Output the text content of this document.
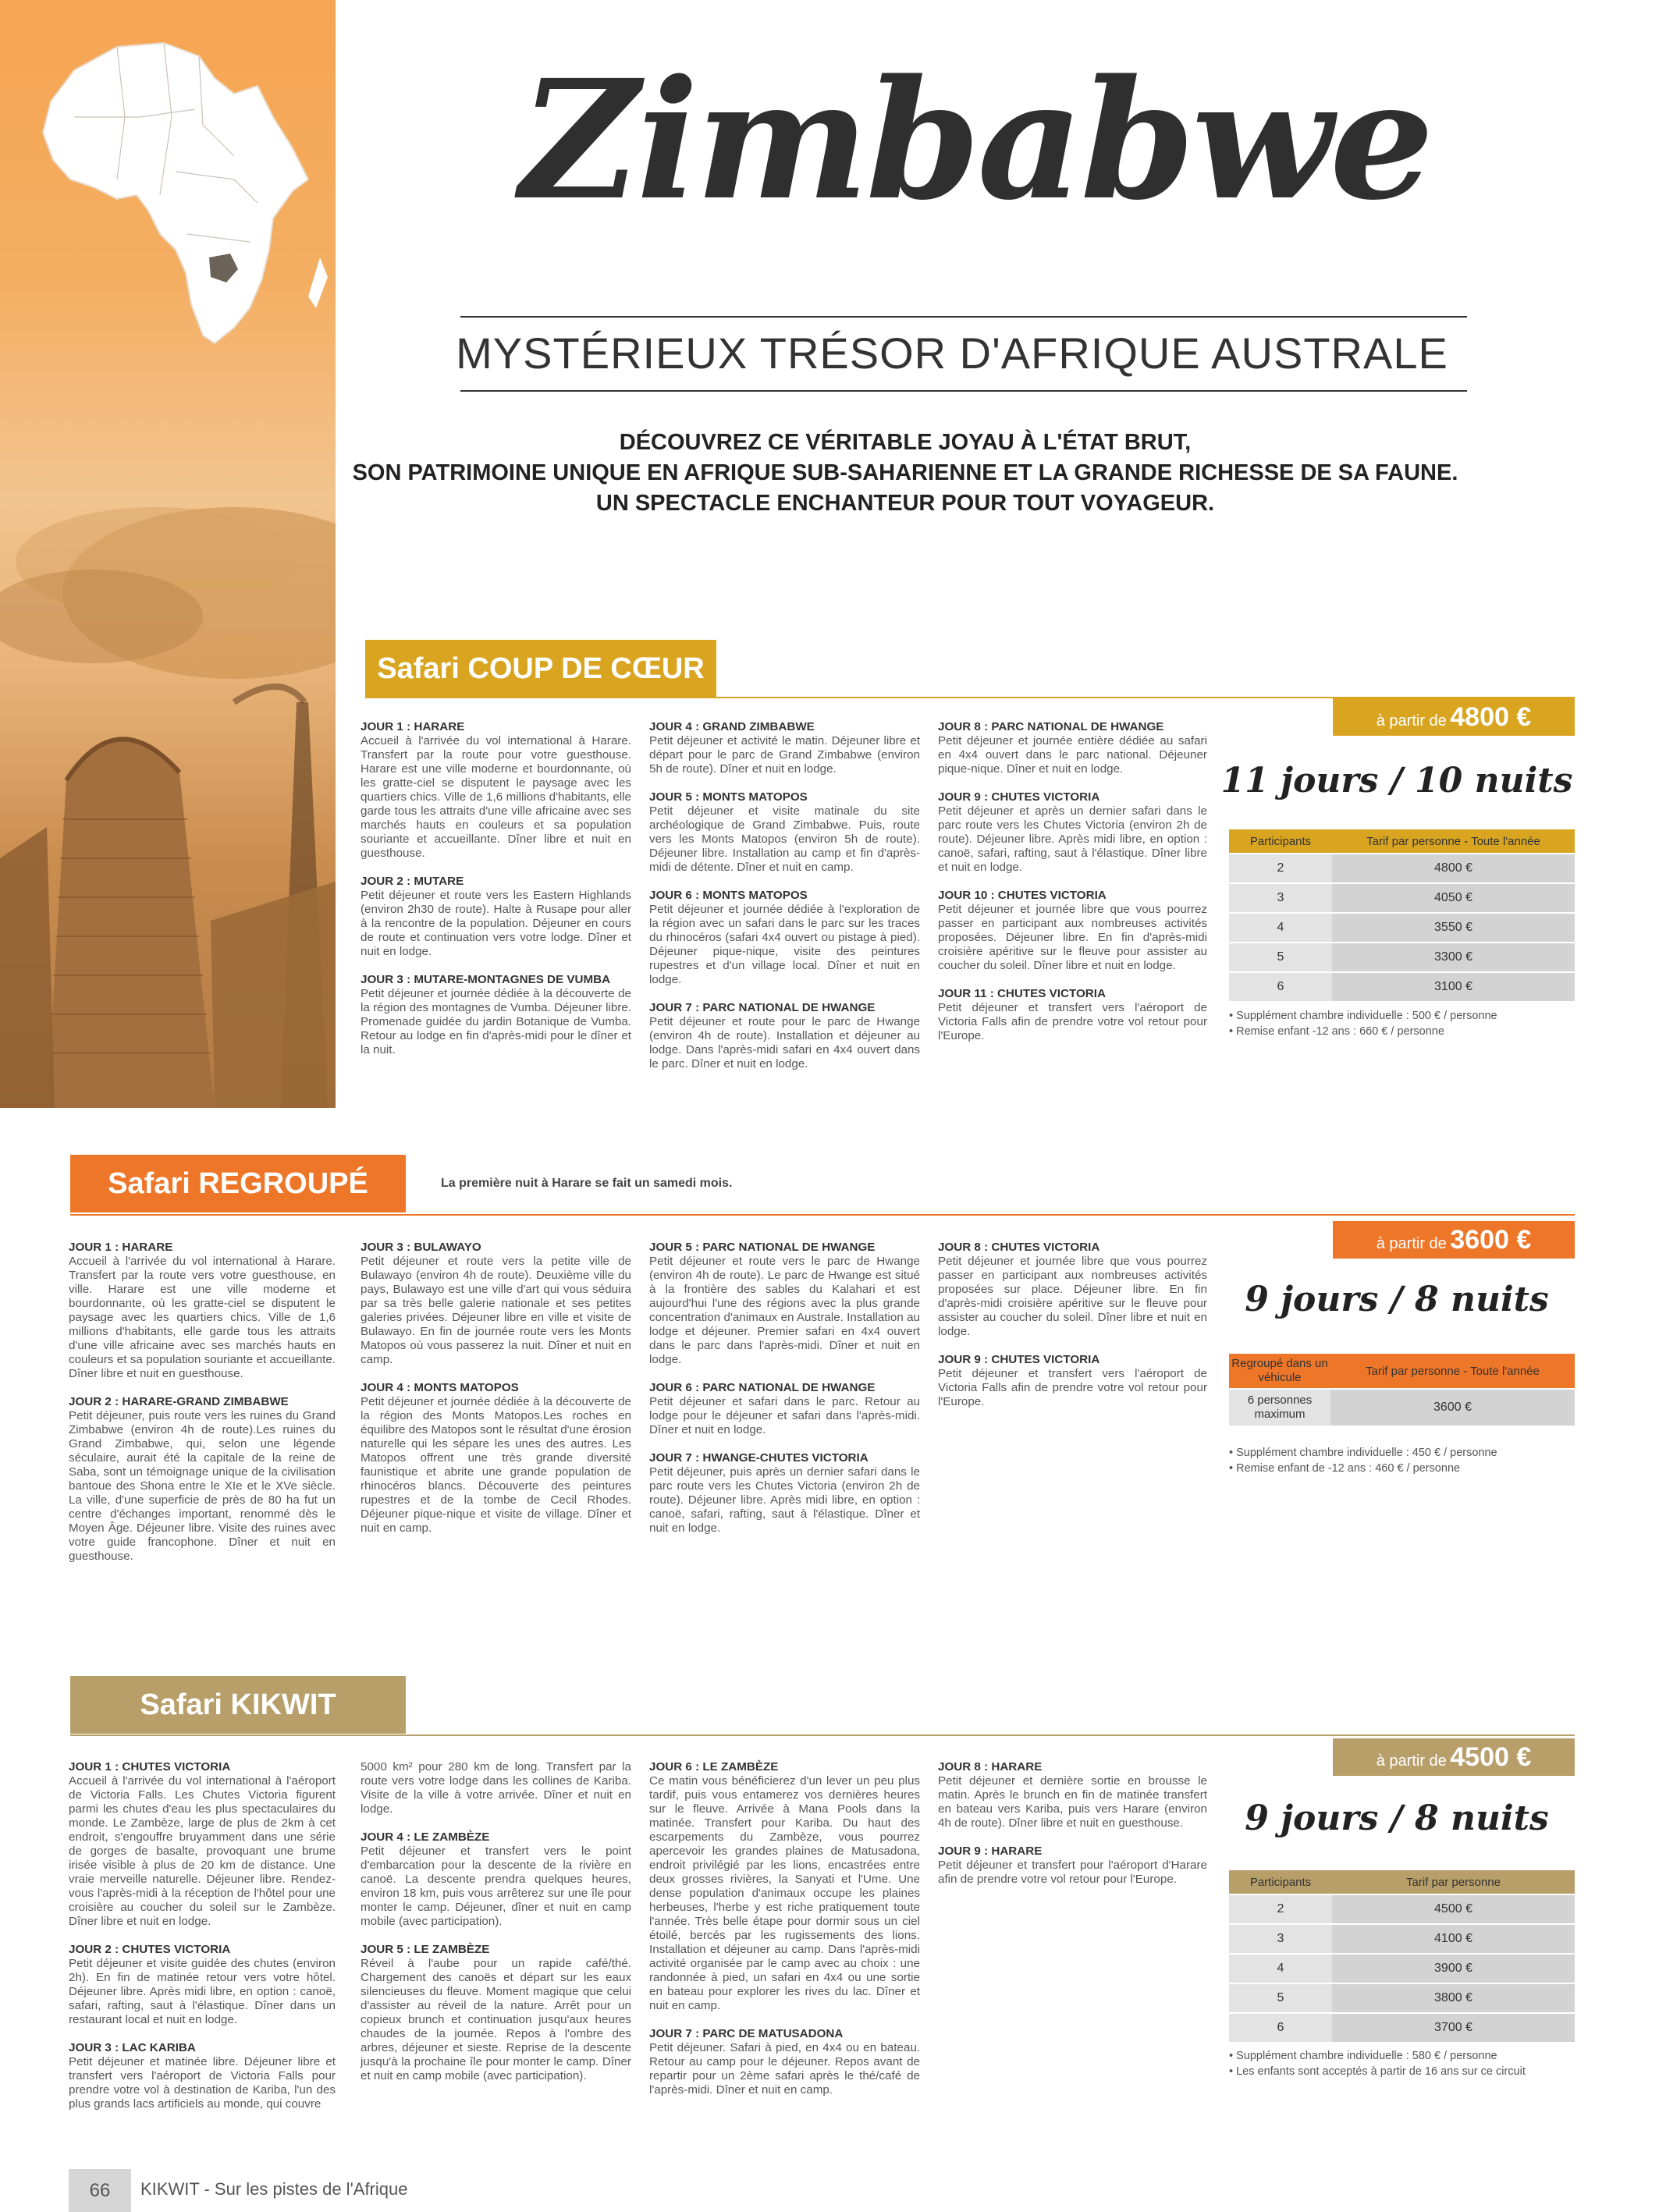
Zimbabwe
MYSTÉRIEUX TRÉSOR D'AFRIQUE AUSTRALE
DÉCOUVREZ CE VÉRITABLE JOYAU À L'ÉTAT BRUT,
SON PATRIMOINE UNIQUE EN AFRIQUE SUB-SAHARIENNE ET LA GRANDE RICHESSE DE SA FAUNE.
UN SPECTACLE ENCHANTEUR POUR TOUT VOYAGEUR.
Safari COUP DE CŒUR
JOUR 1 : HARARE
Accueil à l'arrivée du vol international à Harare. Transfert par la route pour votre guesthouse. Harare est une ville moderne et bourdonnante, où les gratte-ciel se disputent le paysage avec les quartiers chics. Ville de 1,6 millions d'habitants, elle garde tous les attraits d'une ville africaine avec ses marchés hauts en couleurs et sa population souriante et accueillante. Dîner libre et nuit en guesthouse.
JOUR 2 : MUTARE
Petit déjeuner et route vers les Eastern Highlands (environ 2h30 de route). Halte à Rusape pour aller à la rencontre de la population. Déjeuner en cours de route et continuation vers votre lodge. Dîner et nuit en lodge.
JOUR 3 : MUTARE-MONTAGNES DE VUMBA
Petit déjeuner et journée dédiée à la découverte de la région des montagnes de Vumba. Déjeuner libre. Promenade guidée du jardin Botanique de Vumba. Retour au lodge en fin d'après-midi pour le dîner et la nuit.
JOUR 4 : GRAND ZIMBABWE
Petit déjeuner et activité le matin. Déjeuner libre et départ pour le parc de Grand Zimbabwe (environ 5h de route). Dîner et nuit en lodge.
JOUR 5 : MONTS MATOPOS
Petit déjeuner et visite matinale du site archéologique de Grand Zimbabwe. Puis, route vers les Monts Matopos (environ 5h de route). Déjeuner libre. Installation au camp et fin d'après-midi de détente. Dîner et nuit en camp.
JOUR 6 : MONTS MATOPOS
Petit déjeuner et journée dédiée à l'exploration de la région avec un safari dans le parc sur les traces du rhinocéros (safari 4x4 ouvert ou pistage à pied). Déjeuner pique-nique, visite des peintures rupestres et d'un village local. Dîner et nuit en lodge.
JOUR 7 : PARC NATIONAL DE HWANGE
Petit déjeuner et route pour le parc de Hwange (environ 4h de route). Installation et déjeuner au lodge. Dans l'après-midi safari en 4x4 ouvert dans le parc. Dîner et nuit en lodge.
JOUR 8 : PARC NATIONAL DE HWANGE
Petit déjeuner et journée entière dédiée au safari en 4x4 ouvert dans le parc national. Déjeuner pique-nique. Dîner et nuit en lodge.
JOUR 9 : CHUTES VICTORIA
Petit déjeuner et après un dernier safari dans le parc route vers les Chutes Victoria (environ 2h de route). Déjeuner libre. Après midi libre, en option : canoë, safari, rafting, saut à l'élastique. Dîner libre et nuit en lodge.
JOUR 10 : CHUTES VICTORIA
Petit déjeuner et journée libre que vous pourrez passer en participant aux nombreuses activités proposées. Déjeuner libre. En fin d'après-midi croisière apéritive sur le fleuve pour assister au coucher du soleil. Dîner libre et nuit en lodge.
JOUR 11 : CHUTES VICTORIA
Petit déjeuner et transfert vers l'aéroport de Victoria Falls afin de prendre votre vol retour pour l'Europe.
à partir de 4800 €
11 jours / 10 nuits
Participants	Tarif par personne - Toute l'année
2	4800 €
3	4050 €
4	3550 €
5	3300 €
6	3100 €
• Supplément chambre individuelle : 500 € / personne
• Remise enfant -12 ans : 660 € / personne
Safari REGROUPÉ	La première nuit à Harare se fait un samedi mois.
JOUR 1 : HARARE
Accueil à l'arrivée du vol international à Harare. Transfert par la route vers votre guesthouse, en ville. Harare est une ville moderne et bourdonnante, où les gratte-ciel se disputent le paysage avec les quartiers chics. Ville de 1,6 millions d'habitants, elle garde tous les attraits d'une ville africaine avec ses marchés hauts en couleurs et sa population souriante et accueillante. Dîner libre et nuit en guesthouse.
JOUR 2 : HARARE-GRAND ZIMBABWE
Petit déjeuner, puis route vers les ruines du Grand Zimbabwe (environ 4h de route).Les ruines du Grand Zimbabwe, qui, selon une légende séculaire, aurait été la capitale de la reine de Saba, sont un témoignage unique de la civilisation bantoue des Shona entre le XIe et le XVe siècle. La ville, d'une superficie de près de 80 ha fut un centre d'échanges important, renommé dès le Moyen Âge. Déjeuner libre. Visite des ruines avec votre guide francophone. Dîner et nuit en guesthouse.
JOUR 3 : BULAWAYO
Petit déjeuner et route vers la petite ville de Bulawayo (environ 4h de route). Deuxième ville du pays, Bulawayo est une ville d'art qui vous séduira par sa très belle galerie nationale et ses petites galeries privées. Déjeuner libre en ville et visite de Bulawayo. En fin de journée route vers les Monts Matopos où vous passerez la nuit. Dîner et nuit en camp.
JOUR 4 : MONTS MATOPOS
Petit déjeuner et journée dédiée à la découverte de la région des Monts Matopos.Les roches en équilibre des Matopos sont le résultat d'une érosion naturelle qui les sépare les unes des autres. Les Matopos offrent une très grande diversité faunistique et abrite une grande population de rhinocéros blancs. Découverte des peintures rupestres et de la tombe de Cecil Rhodes. Déjeuner pique-nique et visite de village. Dîner et nuit en camp.
JOUR 5 : PARC NATIONAL DE HWANGE
Petit déjeuner et route vers le parc de Hwange (environ 4h de route). Le parc de Hwange est situé à la frontière des sables du Kalahari et est aujourd'hui l'une des régions avec la plus grande concentration d'animaux en Australe. Installation au lodge et déjeuner. Premier safari en 4x4 ouvert dans le parc dans l'après-midi. Dîner et nuit en lodge.
JOUR 6 : PARC NATIONAL DE HWANGE
Petit déjeuner et safari dans le parc. Retour au lodge pour le déjeuner et safari dans l'après-midi. Dîner et nuit en lodge.
JOUR 7 : HWANGE-CHUTES VICTORIA
Petit déjeuner, puis après un dernier safari dans le parc route vers les Chutes Victoria (environ 2h de route). Déjeuner libre. Après midi libre, en option : canoë, safari, rafting, saut à l'élastique. Dîner et nuit en lodge.
JOUR 8 : CHUTES VICTORIA
Petit déjeuner et journée libre que vous pourrez passer en participant aux nombreuses activités proposées sur place. Déjeuner libre. En fin d'après-midi croisière apéritive sur le fleuve pour assister au coucher du soleil. Dîner libre et nuit en lodge.
JOUR 9 : CHUTES VICTORIA
Petit déjeuner et transfert vers l'aéroport de Victoria Falls afin de prendre votre vol retour pour l'Europe.
à partir de 3600 €
9 jours / 8 nuits
Regroupé dans un véhicule	Tarif par personne - Toute l'année
6 personnes maximum	3600 €
• Supplément chambre individuelle : 450 € / personne
• Remise enfant de -12 ans : 460 € / personne
Safari KIKWIT
JOUR 1 : CHUTES VICTORIA
Accueil à l'arrivée du vol international à l'aéroport de Victoria Falls. Les Chutes Victoria figurent parmi les chutes d'eau les plus spectaculaires du monde. Le Zambèze, large de plus de 2km à cet endroit, s'engouffre bruyamment dans une série de gorges de basalte, provoquant une brume irisée visible à plus de 20 km de distance. Une vraie merveille naturelle. Déjeuner libre. Rendez-vous l'après-midi à la réception de l'hôtel pour une croisière au coucher du soleil sur le Zambèze. Dîner libre et nuit en lodge.
JOUR 2 : CHUTES VICTORIA
Petit déjeuner et visite guidée des chutes (environ 2h). En fin de matinée retour vers votre hôtel. Déjeuner libre. Après midi libre, en option : canoë, safari, rafting, saut à l'élastique. Dîner dans un restaurant local et nuit en lodge.
JOUR 3 : LAC KARIBA
Petit déjeuner et matinée libre. Déjeuner libre et transfert vers l'aéroport de Victoria Falls pour prendre votre vol à destination de Kariba, l'un des plus grands lacs artificiels au monde, qui couvre
5000 km² pour 280 km de long. Transfert par la route vers votre lodge dans les collines de Kariba. Visite de la ville à votre arrivée. Dîner et nuit en lodge.
JOUR 4 : LE ZAMBÈZE
Petit déjeuner et transfert vers le point d'embarcation pour la descente de la rivière en canoë. La descente prendra quelques heures, environ 18 km, puis vous arrêterez sur une île pour monter le camp. Déjeuner, dîner et nuit en camp mobile (avec participation).
JOUR 5 : LE ZAMBÈZE
Réveil à l'aube pour un rapide café/thé. Chargement des canoës et départ sur les eaux silencieuses du fleuve. Moment magique que celui d'assister au réveil de la nature. Arrêt pour un copieux brunch et continuation jusqu'aux heures chaudes de la journée. Repos à l'ombre des arbres, déjeuner et sieste. Reprise de la descente jusqu'à la prochaine île pour monter le camp. Dîner et nuit en camp mobile (avec participation).
JOUR 6 : LE ZAMBÈZE
Ce matin vous bénéficierez d'un lever un peu plus tardif, puis vous entamerez vos dernières heures sur le fleuve. Arrivée à Mana Pools dans la matinée. Transfert pour Kariba. Du haut des escarpements du Zambèze, vous pourrez apercevoir les grandes plaines de Matusadona, endroit privilégié par les lions, encastrées entre deux grosses rivières, la Sanyati et l'Ume. Une dense population d'animaux occupe les plaines herbeuses, l'herbe y est riche pratiquement toute l'année. Très belle étape pour dormir sous un ciel étoilé, bercés par les rugissements des lions. Installation et déjeuner au camp. Dans l'après-midi activité organisée par le camp avec au choix : une randonnée à pied, un safari en 4x4 ou une sortie en bateau pour explorer les rives du lac. Dîner et nuit en camp.
JOUR 7 : PARC DE MATUSADONA
Petit déjeuner. Safari à pied, en 4x4 ou en bateau. Retour au camp pour le déjeuner. Repos avant de repartir pour un 2ème safari après le thé/café de l'après-midi. Dîner et nuit en camp.
JOUR 8 : HARARE
Petit déjeuner et dernière sortie en brousse le matin. Après le brunch en fin de matinée transfert en bateau vers Kariba, puis vers Harare (environ 4h de route). Dîner libre et nuit en guesthouse.
JOUR 9 : HARARE
Petit déjeuner et transfert pour l'aéroport d'Harare afin de prendre votre vol retour pour l'Europe.
à partir de 4500 €
9 jours / 8 nuits
Participants	Tarif par personne
2	4500 €
3	4100 €
4	3900 €
5	3800 €
6	3700 €
• Supplément chambre individuelle : 580 € / personne
• Les enfants sont acceptés à partir de 16 ans sur ce circuit
66	KIKWIT - Sur les pistes de l'Afrique
